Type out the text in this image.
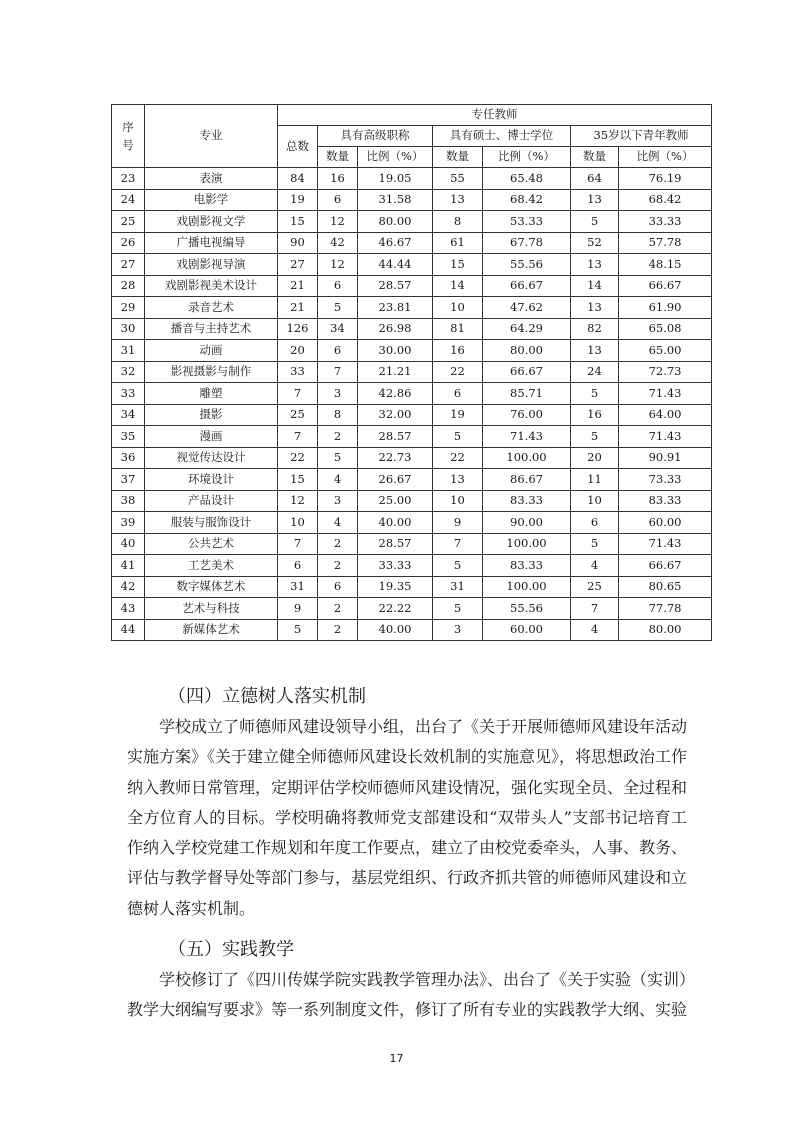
序号	专业	专任教师						
		总数	具有高级职称		具有硕士、博士学位		35岁以下青年教师	
			数量	比例（%）	数量	比例（%）	数量	比例（%）
23	表演	84	16	19.05	55	65.48	64	76.19
24	电影学	19	6	31.58	13	68.42	13	68.42
25	戏剧影视文学	15	12	80.00	8	53.33	5	33.33
26	广播电视编导	90	42	46.67	61	67.78	52	57.78
27	戏剧影视导演	27	12	44.44	15	55.56	13	48.15
28	戏剧影视美术设计	21	6	28.57	14	66.67	14	66.67
29	录音艺术	21	5	23.81	10	47.62	13	61.90
30	播音与主持艺术	126	34	26.98	81	64.29	82	65.08
31	动画	20	6	30.00	16	80.00	13	65.00
32	影视摄影与制作	33	7	21.21	22	66.67	24	72.73
33	雕塑	7	3	42.86	6	85.71	5	71.43
34	摄影	25	8	32.00	19	76.00	16	64.00
35	漫画	7	2	28.57	5	71.43	5	71.43
36	视觉传达设计	22	5	22.73	22	100.00	20	90.91
37	环境设计	15	4	26.67	13	86.67	11	73.33
38	产品设计	12	3	25.00	10	83.33	10	83.33
39	服装与服饰设计	10	4	40.00	9	90.00	6	60.00
40	公共艺术	7	2	28.57	7	100.00	5	71.43
41	工艺美术	6	2	33.33	5	83.33	4	66.67
42	数字媒体艺术	31	6	19.35	31	100.00	25	80.65
43	艺术与科技	9	2	22.22	5	55.56	7	77.78
44	新媒体艺术	5	2	40.00	3	60.00	4	80.00
（四）立德树人落实机制

学校成立了师德师风建设领导小组，出台了《关于开展师德师风建设年活动实施方案》《关于建立健全师德师风建设长效机制的实施意见》，将思想政治工作纳入教师日常管理，定期评估学校师德师风建设情况，强化实现全员、全过程和全方位育人的目标。学校明确将教师党支部建设和“双带头人”支部书记培育工作纳入学校党建工作规划和年度工作要点，建立了由校党委牵头，人事、教务、评估与教学督导处等部门参与，基层党组织、行政齐抓共管的师德师风建设和立德树人落实机制。

（五）实践教学

学校修订了《四川传媒学院实践教学管理办法》、出台了《关于实验（实训）教学大纲编写要求》等一系列制度文件，修订了所有专业的实践教学大纲、实验

17
